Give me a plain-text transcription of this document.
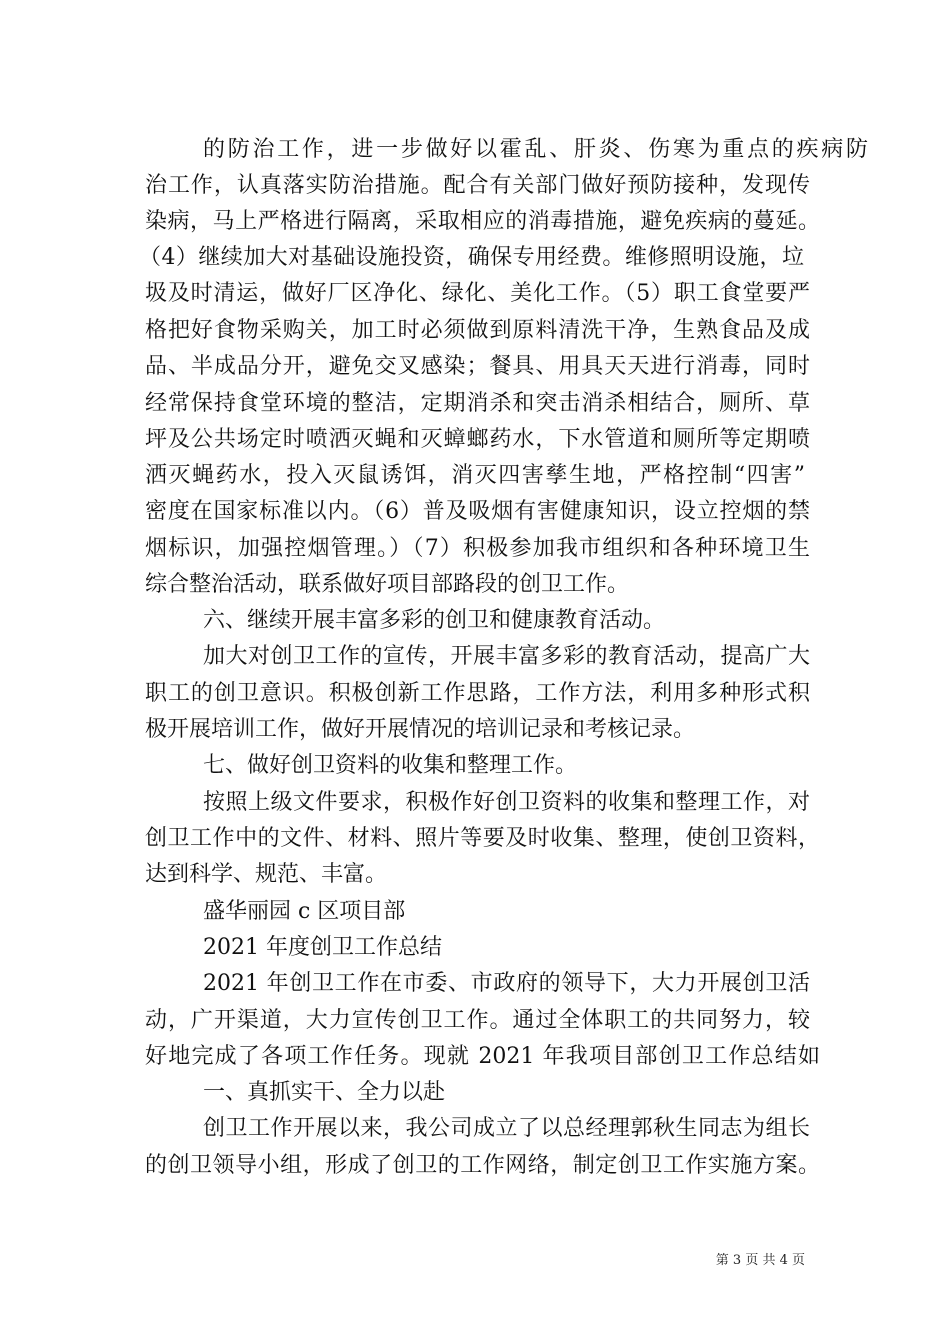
的防治工作，进一步做好以霍乱、肝炎、伤寒为重点的疾病防
治工作，认真落实防治措施。配合有关部门做好预防接种，发现传
染病，马上严格进行隔离，采取相应的消毒措施，避免疾病的蔓延。
（4）继续加大对基础设施投资，确保专用经费。维修照明设施，垃
圾及时清运，做好厂区净化、绿化、美化工作。（5）职工食堂要严
格把好食物采购关，加工时必须做到原料清洗干净，生熟食品及成
品、半成品分开，避免交叉感染；餐具、用具天天进行消毒，同时
经常保持食堂环境的整洁，定期消杀和突击消杀相结合，厕所、草
坪及公共场定时喷洒灭蝇和灭蟑螂药水，下水管道和厕所等定期喷
洒灭蝇药水，投入灭鼠诱饵，消灭四害孳生地，严格控制“四害”
密度在国家标准以内。（6）普及吸烟有害健康知识，设立控烟的禁
烟标识，加强控烟管理。）（7）积极参加我市组织和各种环境卫生
综合整治活动，联系做好项目部路段的创卫工作。
六、继续开展丰富多彩的创卫和健康教育活动。
加大对创卫工作的宣传，开展丰富多彩的教育活动，提高广大
职工的创卫意识。积极创新工作思路，工作方法，利用多种形式积
极开展培训工作，做好开展情况的培训记录和考核记录。
七、做好创卫资料的收集和整理工作。
按照上级文件要求，积极作好创卫资料的收集和整理工作，对
创卫工作中的文件、材料、照片等要及时收集、整理，使创卫资料，
达到科学、规范、丰富。
盛华丽园 c 区项目部
2021 年度创卫工作总结
2021 年创卫工作在市委、市政府的领导下，大力开展创卫活
动，广开渠道，大力宣传创卫工作。通过全体职工的共同努力，较
好地完成了各项工作任务。现就 2021 年我项目部创卫工作总结如
一、真抓实干、全力以赴
创卫工作开展以来，我公司成立了以总经理郭秋生同志为组长
的创卫领导小组，形成了创卫的工作网络，制定创卫工作实施方案。
第 3 页 共 4 页
